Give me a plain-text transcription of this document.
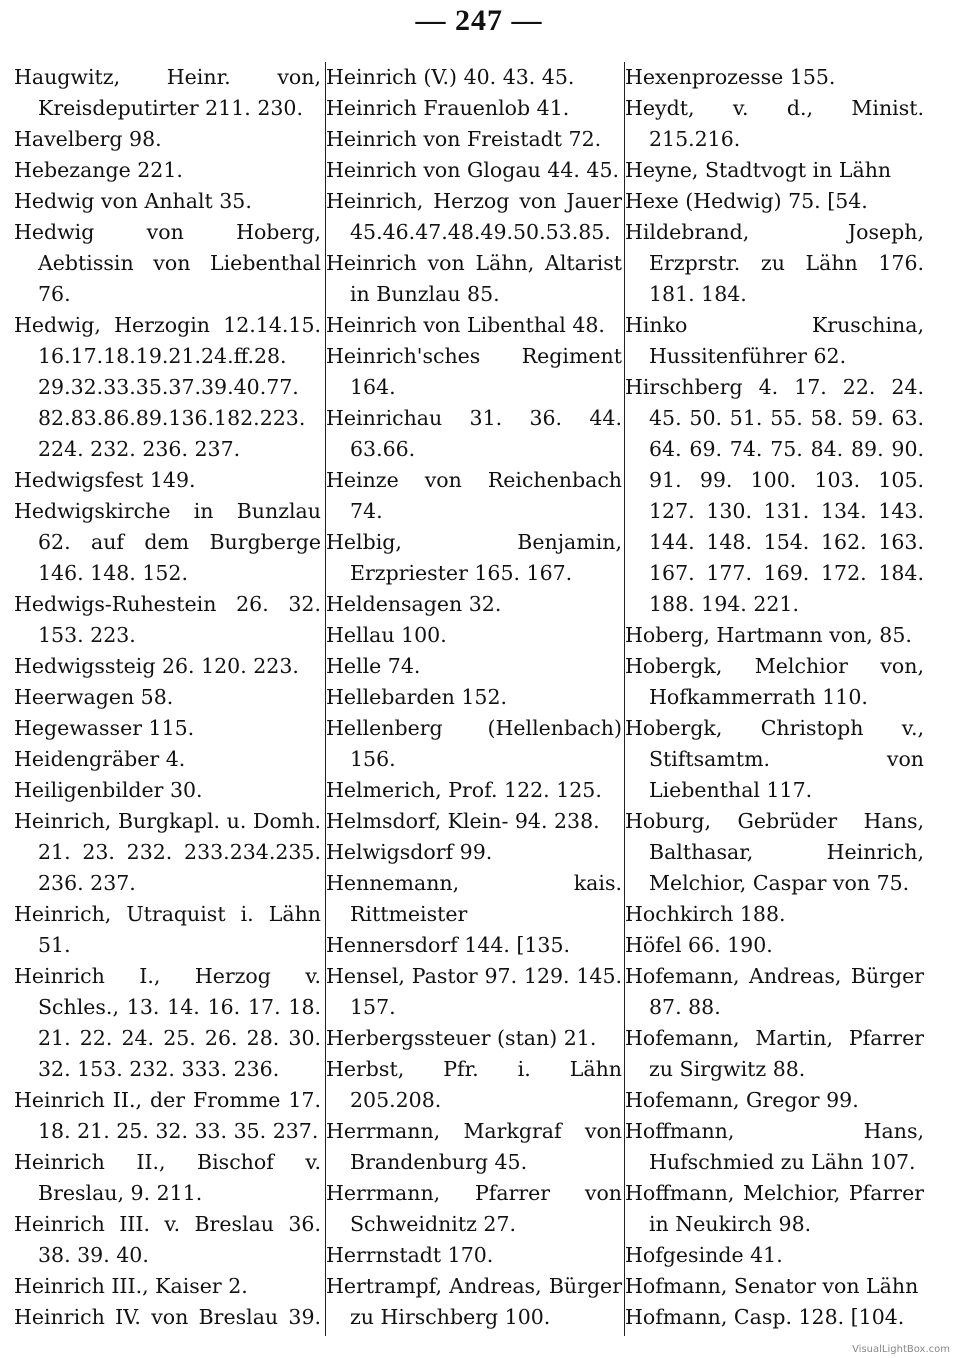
— 247 —
Haugwitz, Heinr. von, Kreisdeputirter 211. 230.
Havelberg 98.
Hebezange 221.
Hedwig von Anhalt 35.
Hedwig von Hoberg, Aebtissin von Liebenthal 76.
Hedwig, Herzogin 12.14.15. 16.17.18.19.21.24.ff.28. 29.32.33.35.37.39.40.77. 82.83.86.89.136.182.223. 224. 232. 236. 237.
Hedwigsfest 149.
Hedwigskirche in Bunzlau 62. auf dem Burgberge 146. 148. 152.
Hedwigs-Ruhestein 26. 32. 153. 223.
Hedwigssteig 26. 120. 223.
Heerwagen 58.
Hegewasser 115.
Heidengräber 4.
Heiligenbilder 30.
Heinrich, Burgkapl. u. Domh. 21. 23. 232. 233.234.235. 236. 237.
Heinrich, Utraquist i. Lähn 51.
Heinrich I., Herzog v. Schles., 13. 14. 16. 17. 18. 21. 22. 24. 25. 26. 28. 30. 32. 153. 232. 333. 236.
Heinrich II., der Fromme 17. 18. 21. 25. 32. 33. 35. 237.
Heinrich II., Bischof v. Breslau, 9. 211.
Heinrich III. v. Breslau 36. 38. 39. 40.
Heinrich III., Kaiser 2.
Heinrich IV. von Breslau 39.
Heinrich (V.) 40. 43. 45.
Heinrich Frauenlob 41.
Heinrich von Freistadt 72.
Heinrich von Glogau 44. 45.
Heinrich, Herzog von Jauer 45.46.47.48.49.50.53.85.
Heinrich von Lähn, Altarist in Bunzlau 85.
Heinrich von Libenthal 48.
Heinrich'sches Regiment 164.
Heinrichau 31. 36. 44. 63.66.
Heinze von Reichenbach 74.
Helbig, Benjamin, Erzpriester 165. 167.
Heldensagen 32.
Hellau 100.
Helle 74.
Hellebarden 152.
Hellenberg (Hellenbach) 156.
Helmerich, Prof. 122. 125.
Helmsdorf, Klein- 94. 238.
Helwigsdorf 99.
Hennemann, kais. Rittmeister
Hennersdorf 144. [135.
Hensel, Pastor 97. 129. 145. 157.
Herbergssteuer (stan) 21.
Herbst, Pfr. i. Lähn 205.208.
Herrmann, Markgraf von Brandenburg 45.
Herrmann, Pfarrer von Schweidnitz 27.
Herrnstadt 170.
Hertrampf, Andreas, Bürger zu Hirschberg 100.
Hexenprozesse 155.
Heydt, v. d., Minist. 215.216.
Heyne, Stadtvogt in Lähn
Hexe (Hedwig) 75. [54.
Hildebrand, Joseph, Erzprstr. zu Lähn 176. 181. 184.
Hinko Kruschina, Hussitenführer 62.
Hirschberg 4. 17. 22. 24. 45. 50. 51. 55. 58. 59. 63. 64. 69. 74. 75. 84. 89. 90. 91. 99. 100. 103. 105. 127. 130. 131. 134. 143. 144. 148. 154. 162. 163. 167. 177. 169. 172. 184. 188. 194. 221.
Hoberg, Hartmann von, 85.
Hobergk, Melchior von, Hofkammerrath 110.
Hobergk, Christoph v., Stiftsamtm. von Liebenthal 117.
Hoburg, Gebrüder Hans, Balthasar, Heinrich, Melchior, Caspar von 75.
Hochkirch 188.
Höfel 66. 190.
Hofemann, Andreas, Bürger 87. 88.
Hofemann, Martin, Pfarrer zu Sirgwitz 88.
Hofemann, Gregor 99.
Hoffmann, Hans, Hufschmied zu Lähn 107.
Hoffmann, Melchior, Pfarrer in Neukirch 98.
Hofgesinde 41.
Hofmann, Senator von Lähn
Hofmann, Casp. 128. [104.
VisualLightBox.com
